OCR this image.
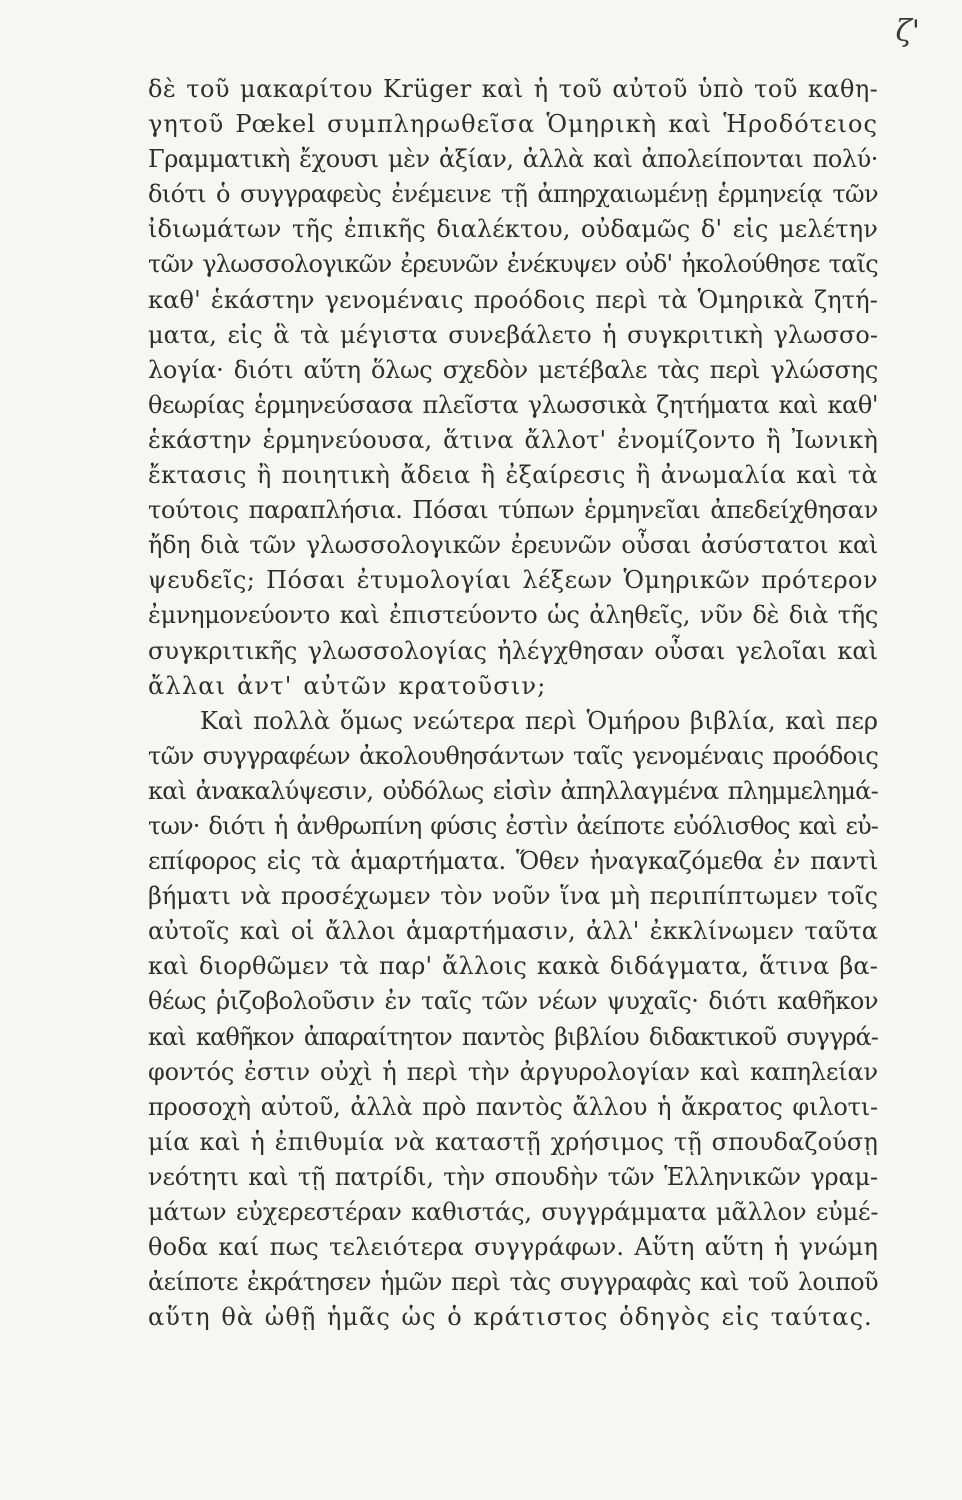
ζ'
δὲ τοῦ μακαρίτου Krüger καὶ ἡ τοῦ αὐτοῦ ὑπὸ τοῦ καθη-
γητοῦ Pœkel συμπληρωθεῖσα Ὁμηρικὴ καὶ Ἡροδότειος
Γραμματικὴ ἔχουσι μὲν ἀξίαν, ἀλλὰ καὶ ἀπολείπονται πολύ·
διότι ὁ συγγραφεὺς ἐνέμεινε τῇ ἀπηρχαιωμένῃ ἑρμηνείᾳ τῶν
ἰδιωμάτων τῆς ἐπικῆς διαλέκτου, οὐδαμῶς δ' εἰς μελέτην
τῶν γλωσσολογικῶν ἐρευνῶν ἐνέκυψεν οὐδ' ἠκολούθησε ταῖς
καθ' ἑκάστην γενομέναις προόδοις περὶ τὰ Ὁμηρικὰ ζητή-
ματα, εἰς ἃ τὰ μέγιστα συνεβάλετο ἡ συγκριτικὴ γλωσσο-
λογία· διότι αὕτη ὅλως σχεδὸν μετέβαλε τὰς περὶ γλώσσης
θεωρίας ἑρμηνεύσασα πλεῖστα γλωσσικὰ ζητήματα καὶ καθ'
ἑκάστην ἑρμηνεύουσα, ἅτινα ἄλλοτ' ἐνομίζοντο ἢ Ἰωνικὴ
ἔκτασις ἢ ποιητικὴ ἄδεια ἢ ἐξαίρεσις ἢ ἀνωμαλία καὶ τὰ
τούτοις παραπλήσια. Πόσαι τύπων ἑρμηνεῖαι ἀπεδείχθησαν
ἤδη διὰ τῶν γλωσσολογικῶν ἐρευνῶν οὖσαι ἀσύστατοι καὶ
ψευδεῖς; Πόσαι ἐτυμολογίαι λέξεων Ὁμηρικῶν πρότερον
ἐμνημονεύοντο καὶ ἐπιστεύοντο ὡς ἀληθεῖς, νῦν δὲ διὰ τῆς
συγκριτικῆς γλωσσολογίας ἠλέγχθησαν οὖσαι γελοῖαι καὶ
ἄλλαι ἀντ' αὐτῶν κρατοῦσιν;
Καὶ πολλὰ ὅμως νεώτερα περὶ Ὁμήρου βιβλία, καὶ περ
τῶν συγγραφέων ἀκολουθησάντων ταῖς γενομέναις προόδοις
καὶ ἀνακαλύψεσιν, οὐδόλως εἰσὶν ἀπηλλαγμένα πλημμελημά-
των· διότι ἡ ἀνθρωπίνη φύσις ἐστὶν ἀείποτε εὐόλισθος καὶ εὐ-
επίφορος εἰς τὰ ἁμαρτήματα. Ὅθεν ἠναγκαζόμεθα ἐν παντὶ
βήματι νὰ προσέχωμεν τὸν νοῦν ἵνα μὴ περιπίπτωμεν τοῖς
αὐτοῖς καὶ οἱ ἄλλοι ἁμαρτήμασιν, ἀλλ' ἐκκλίνωμεν ταῦτα
καὶ διορθῶμεν τὰ παρ' ἄλλοις κακὰ διδάγματα, ἅτινα βα-
θέως ῥιζοβολοῦσιν ἐν ταῖς τῶν νέων ψυχαῖς· διότι καθῆκον
καὶ καθῆκον ἀπαραίτητον παντὸς βιβλίου διδακτικοῦ συγγρά-
φοντός ἐστιν οὐχὶ ἡ περὶ τὴν ἀργυρολογίαν καὶ καπηλείαν
προσοχὴ αὐτοῦ, ἀλλὰ πρὸ παντὸς ἄλλου ἡ ἄκρατος φιλοτι-
μία καὶ ἡ ἐπιθυμία νὰ καταστῇ χρήσιμος τῇ σπουδαζούσῃ
νεότητι καὶ τῇ πατρίδι, τὴν σπουδὴν τῶν Ἑλληνικῶν γραμ-
μάτων εὐχερεστέραν καθιστάς, συγγράμματα μᾶλλον εὐμέ-
θοδα καί πως τελειότερα συγγράφων. Αὕτη αὕτη ἡ γνώμη
ἀείποτε ἐκράτησεν ἡμῶν περὶ τὰς συγγραφὰς καὶ τοῦ λοιποῦ
αὕτη θὰ ὠθῇ ἡμᾶς ὡς ὁ κράτιστος ὁδηγὸς εἰς ταύτας.
